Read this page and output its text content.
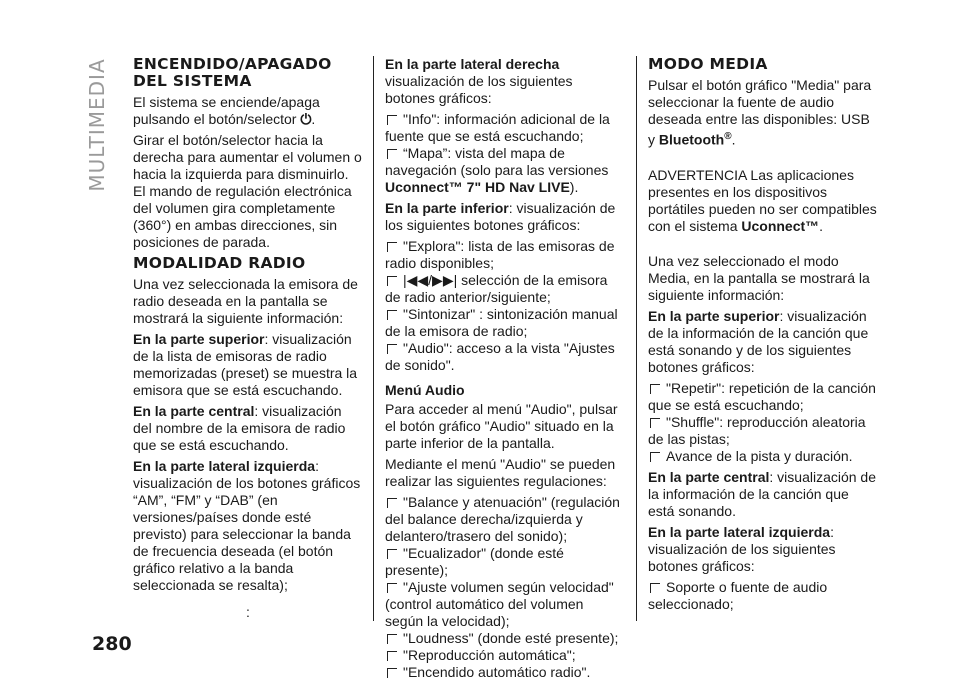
MULTIMEDIA
280
ENCENDIDO/APAGADO DEL SISTEMA

El sistema se enciende/apaga pulsando el botón/selector ⏻.

Girar el botón/selector hacia la derecha para aumentar el volumen o hacia la izquierda para disminuirlo. El mando de regulación electrónica del volumen gira completamente (360°) en ambas direcciones, sin posiciones de parada.

MODALIDAD RADIO

Una vez seleccionada la emisora de radio deseada en la pantalla se mostrará la siguiente información:

En la parte superior: visualización de la lista de emisoras de radio memorizadas (preset) se muestra la emisora que se está escuchando.

En la parte central: visualización del nombre de la emisora de radio que se está escuchando.

En la parte lateral izquierda: visualización de los botones gráficos “AM”, “FM” y “DAB” (en versiones/países donde esté previsto) para seleccionar la banda de frecuencia deseada (el botón gráfico relativo a la banda seleccionada se resalta);

:

En la parte lateral derecha
visualización de los siguientes botones gráficos:

"Info": información adicional de la fuente que se está escuchando;

“Mapa”: vista del mapa de navegación (solo para las versiones

Uconnect™ 7" HD Nav LIVE).

En la parte inferior: visualización de los siguientes botones gráficos:

"Explora": lista de las emisoras de radio disponibles;

|◀◀/▶▶| selección de la emisora de radio anterior/siguiente;

"Sintonizar" : sintonización manual de la emisora de radio;

"Audio": acceso a la vista "Ajustes de sonido".

Menú Audio

Para acceder al menú "Audio", pulsar el botón gráfico "Audio" situado en la parte inferior de la pantalla.

Mediante el menú "Audio" se pueden realizar las siguientes regulaciones:

"Balance y atenuación" (regulación del balance derecha/izquierda y delantero/trasero del sonido);

"Ecualizador" (donde esté presente);

"Ajuste volumen según velocidad" (control automático del volumen según la velocidad);

"Loudness" (donde esté presente);

"Reproducción automática";

"Encendido automático radio".

MODO MEDIA

Pulsar el botón gráfico "Media" para seleccionar la fuente de audio deseada entre las disponibles: USB y Bluetooth®.

ADVERTENCIA Las aplicaciones presentes en los dispositivos portátiles pueden no ser compatibles con el sistema Uconnect™.

Una vez seleccionado el modo Media, en la pantalla se mostrará la siguiente información:

En la parte superior: visualización de la información de la canción que está sonando y de los siguientes botones gráficos:

"Repetir": repetición de la canción que se está escuchando;

"Shuffle": reproducción aleatoria de las pistas;

Avance de la pista y duración.

En la parte central: visualización de la información de la canción que está sonando.

En la parte lateral izquierda: visualización de los siguientes botones gráficos:

Soporte o fuente de audio seleccionado;
